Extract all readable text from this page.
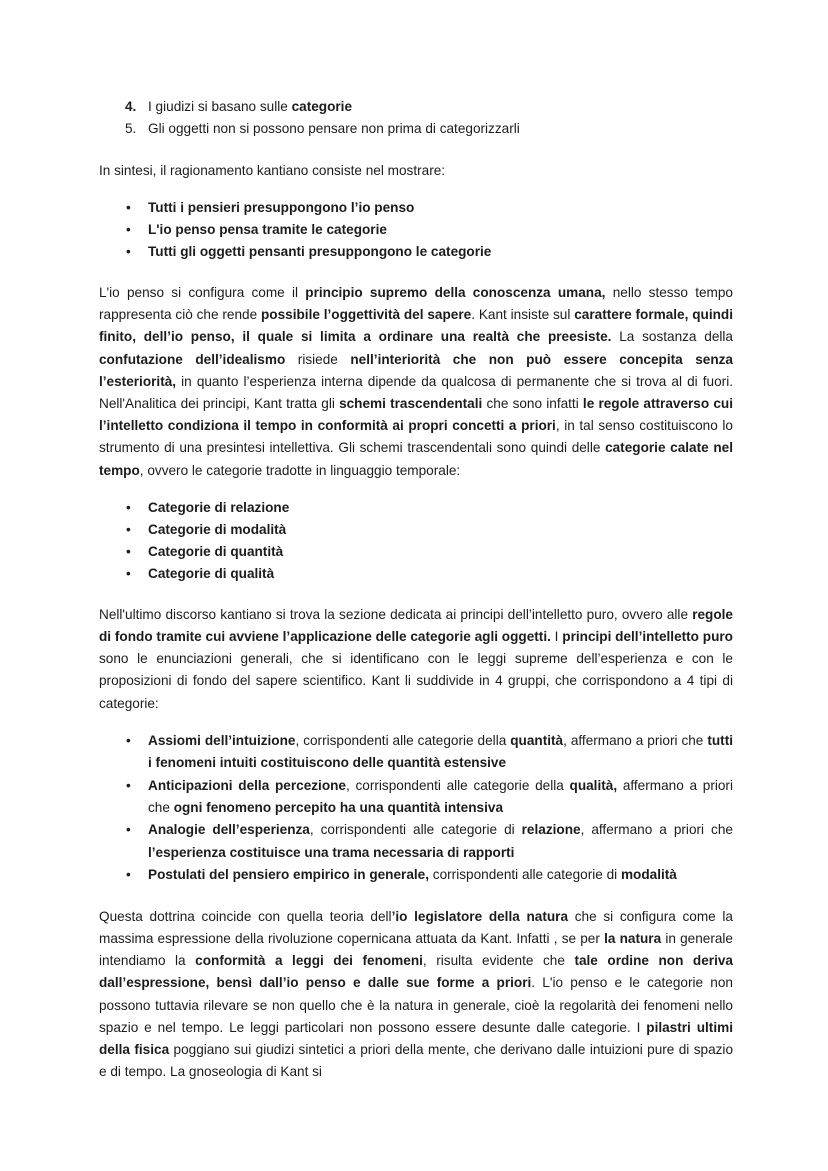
4. I giudizi si basano sulle categorie
5. Gli oggetti non si possono pensare non prima di categorizzarli

In sintesi, il ragionamento kantiano consiste nel mostrare:

• Tutti i pensieri presuppongono l’io penso
• L'io penso pensa tramite le categorie
• Tutti gli oggetti pensanti presuppongono le categorie

L'io penso si configura come il principio supremo della conoscenza umana, nello stesso tempo rappresenta ciò che rende possibile l’oggettività del sapere. Kant insiste sul carattere formale, quindi finito, dell’io penso, il quale si limita a ordinare una realtà che preesiste. La sostanza della confutazione dell’idealismo risiede nell’interiorità che non può essere concepita senza l’esteriorità, in quanto l’esperienza interna dipende da qualcosa di permanente che si trova al di fuori. Nell'Analitica dei principi, Kant tratta gli schemi trascendentali che sono infatti le regole attraverso cui l’intelletto condiziona il tempo in conformità ai propri concetti a priori, in tal senso costituiscono lo strumento di una presintesi intellettiva. Gli schemi trascendentali sono quindi delle categorie calate nel tempo, ovvero le categorie tradotte in linguaggio temporale:

• Categorie di relazione
• Categorie di modalità
• Categorie di quantità
• Categorie di qualità

Nell'ultimo discorso kantiano si trova la sezione dedicata ai principi dell’intelletto puro, ovvero alle regole di fondo tramite cui avviene l’applicazione delle categorie agli oggetti. I principi dell’intelletto puro sono le enunciazioni generali, che si identificano con le leggi supreme dell’esperienza e con le proposizioni di fondo del sapere scientifico. Kant li suddivide in 4 gruppi, che corrispondono a 4 tipi di categorie:

• Assiomi dell’intuizione, corrispondenti alle categorie della quantità, affermano a priori che tutti i fenomeni intuiti costituiscono delle quantità estensive
• Anticipazioni della percezione, corrispondenti alle categorie della qualità, affermano a priori che ogni fenomeno percepito ha una quantità intensiva
• Analogie dell’esperienza, corrispondenti alle categorie di relazione, affermano a priori che l’esperienza costituisce una trama necessaria di rapporti
• Postulati del pensiero empirico in generale, corrispondenti alle categorie di modalità

Questa dottrina coincide con quella teoria dell’io legislatore della natura che si configura come la massima espressione della rivoluzione copernicana attuata da Kant. Infatti , se per la natura in generale intendiamo la conformità a leggi dei fenomeni, risulta evidente che tale ordine non deriva dall’espressione, bensì dall’io penso e dalle sue forme a priori. L'io penso e le categorie non possono tuttavia rilevare se non quello che è la natura in generale, cioè la regolarità dei fenomeni nello spazio e nel tempo. Le leggi particolari non possono essere desunte dalle categorie. I pilastri ultimi della fisica poggiano sui giudizi sintetici a priori della mente, che derivano dalle intuizioni pure di spazio e di tempo. La gnoseologia di Kant si
